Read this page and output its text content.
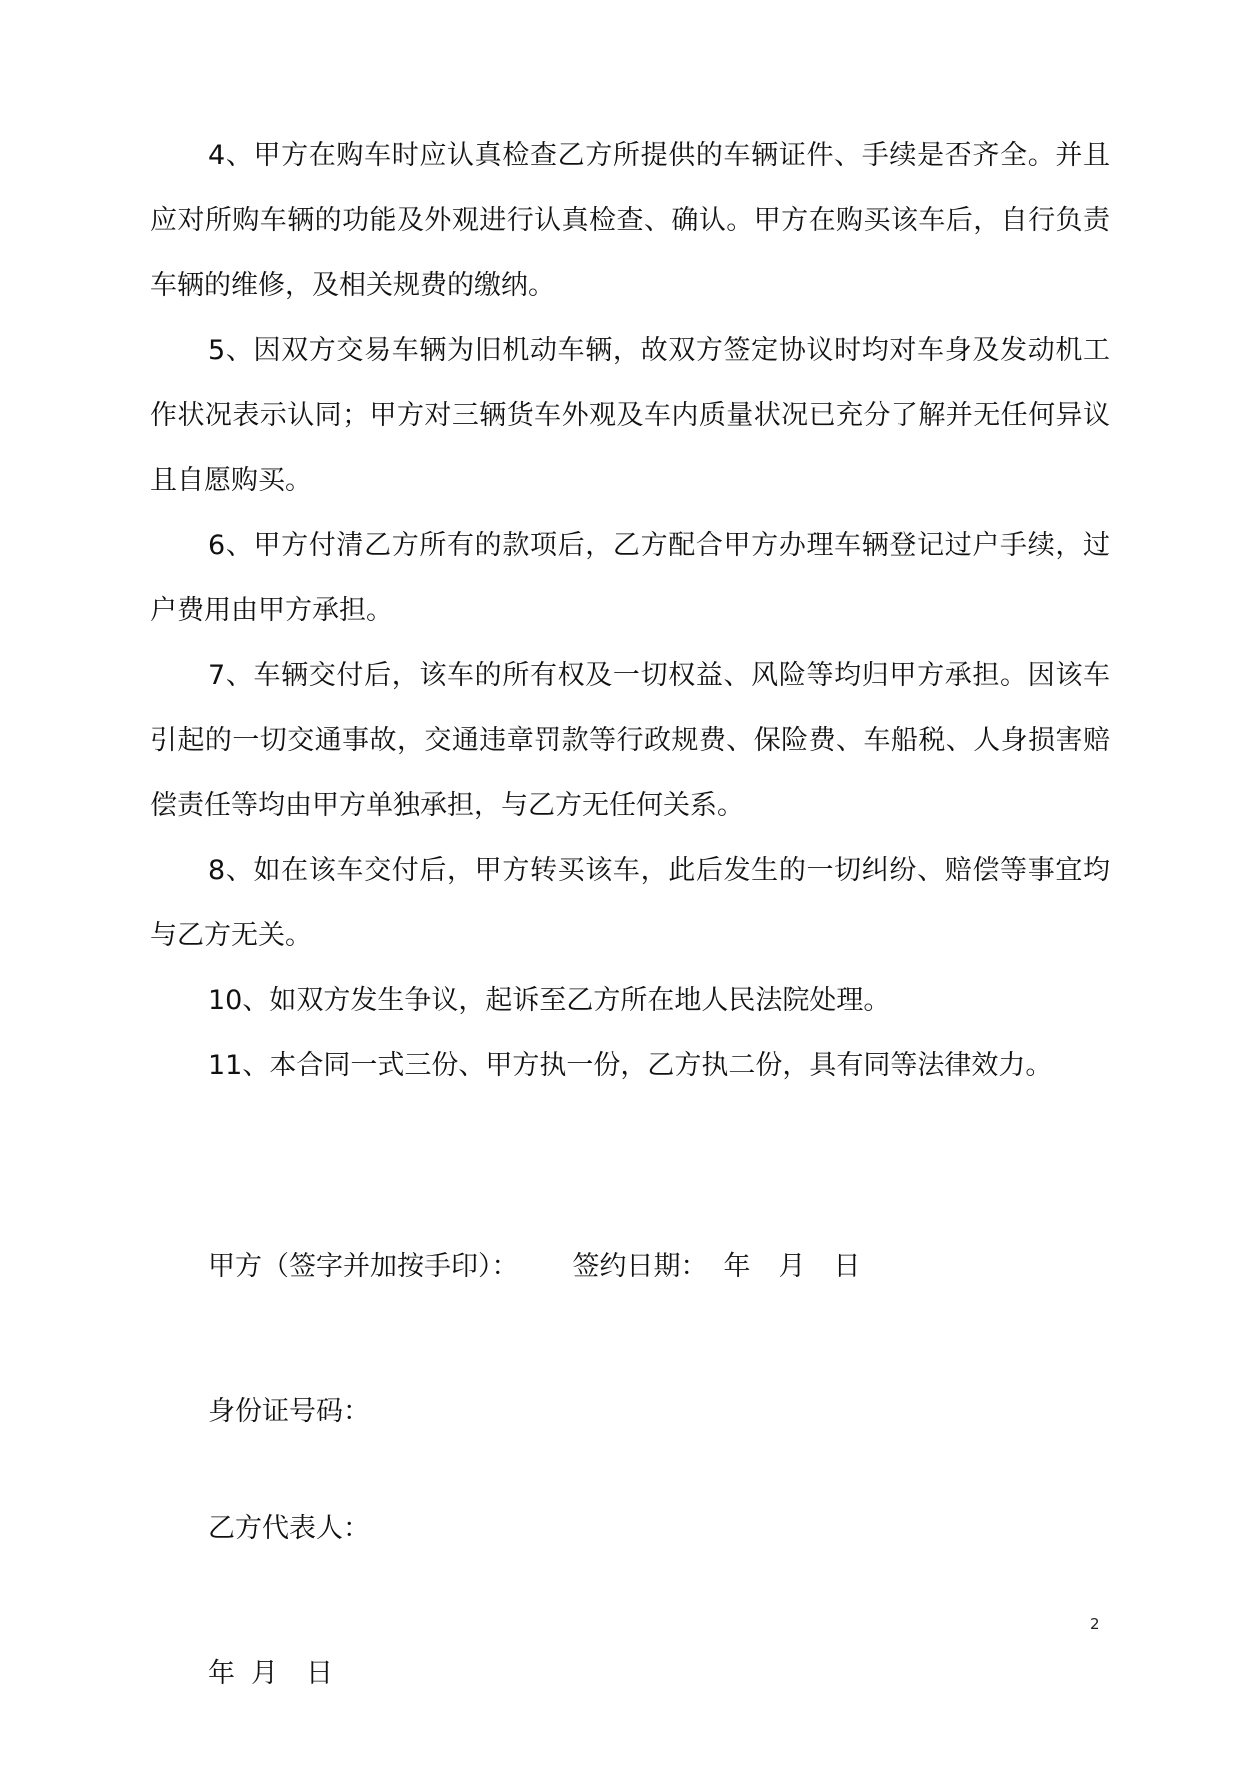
4、甲方在购车时应认真检查乙方所提供的车辆证件、手续是否齐全。并且应对所购车辆的功能及外观进行认真检查、确认。甲方在购买该车后，自行负责车辆的维修，及相关规费的缴纳。

5、因双方交易车辆为旧机动车辆，故双方签定协议时均对车身及发动机工作状况表示认同；甲方对三辆货车外观及车内质量状况已充分了解并无任何异议且自愿购买。

6、甲方付清乙方所有的款项后，乙方配合甲方办理车辆登记过户手续，过户费用由甲方承担。

7、车辆交付后，该车的所有权及一切权益、风险等均归甲方承担。因该车引起的一切交通事故，交通违章罚款等行政规费、保险费、车船税、人身损害赔偿责任等均由甲方单独承担，与乙方无任何关系。

8、如在该车交付后，甲方转买该车，此后发生的一切纠纷、赔偿等事宜均与乙方无关。

10、如双方发生争议，起诉至乙方所在地人民法院处理。

11、本合同一式三份、甲方执一份，乙方执二份，具有同等法律效力。

甲方（签字并加按手印）： 签约日期： 年 月 日

身份证号码：

乙方代表人：

年 月 日

2
